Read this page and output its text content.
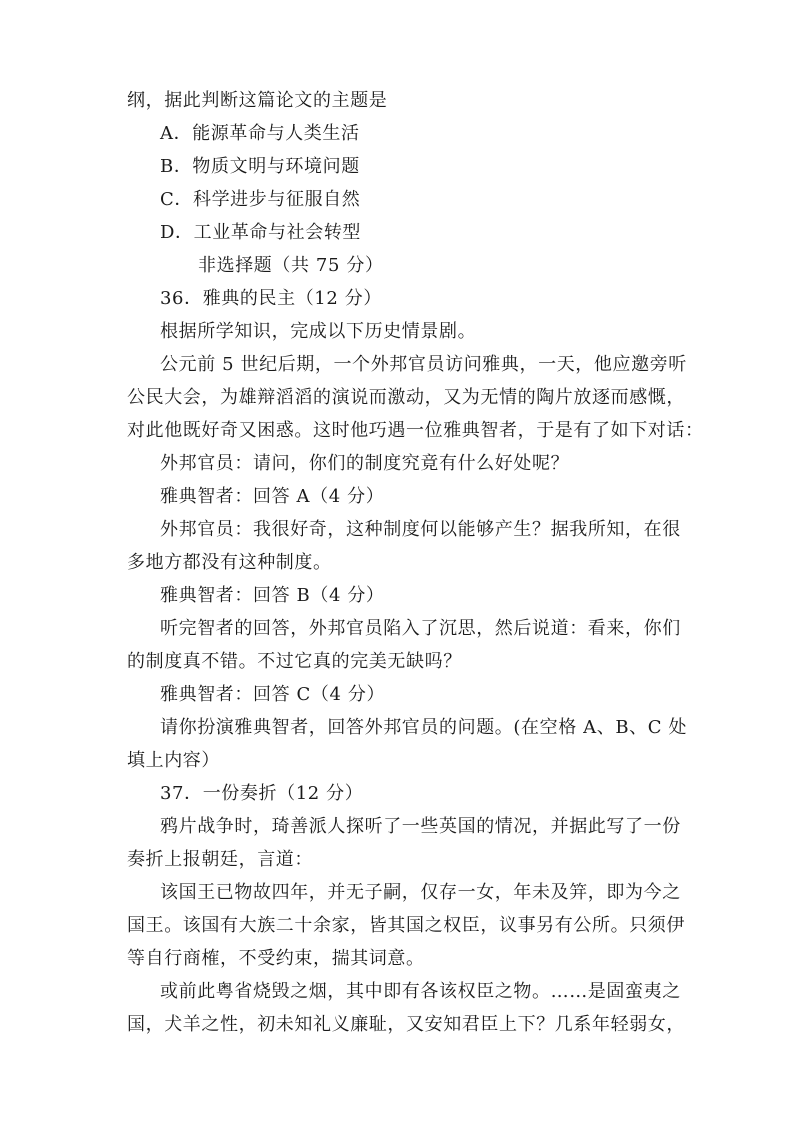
纲，据此判断这篇论文的主题是
A．能源革命与人类生活
B．物质文明与环境问题
C．科学进步与征服自然
D．工业革命与社会转型
非选择题（共 75 分）
36．雅典的民主（12 分）
根据所学知识，完成以下历史情景剧。
公元前 5 世纪后期，一个外邦官员访问雅典，一天，他应邀旁听
公民大会，为雄辩滔滔的演说而激动，又为无情的陶片放逐而感慨，
对此他既好奇又困惑。这时他巧遇一位雅典智者，于是有了如下对话：
外邦官员：请问，你们的制度究竟有什么好处呢？
雅典智者：回答 A（4 分）
外邦官员：我很好奇，这种制度何以能够产生？据我所知，在很
多地方都没有这种制度。
雅典智者：回答 B（4 分）
听完智者的回答，外邦官员陷入了沉思，然后说道：看来，你们
的制度真不错。不过它真的完美无缺吗？
雅典智者：回答 C（4 分）
请你扮演雅典智者，回答外邦官员的问题。(在空格 A、B、C 处
填上内容）
37．一份奏折（12 分）
鸦片战争时，琦善派人探听了一些英国的情况，并据此写了一份
奏折上报朝廷，言道：
该国王已物故四年，并无子嗣，仅存一女，年未及笄，即为今之
国王。该国有大族二十余家，皆其国之权臣，议事另有公所。只须伊
等自行商榷，不受约束，揣其词意。
或前此粤省烧毁之烟，其中即有各该权臣之物。……是固蛮夷之
国，犬羊之性，初未知礼义廉耻，又安知君臣上下？几系年轻弱女，
